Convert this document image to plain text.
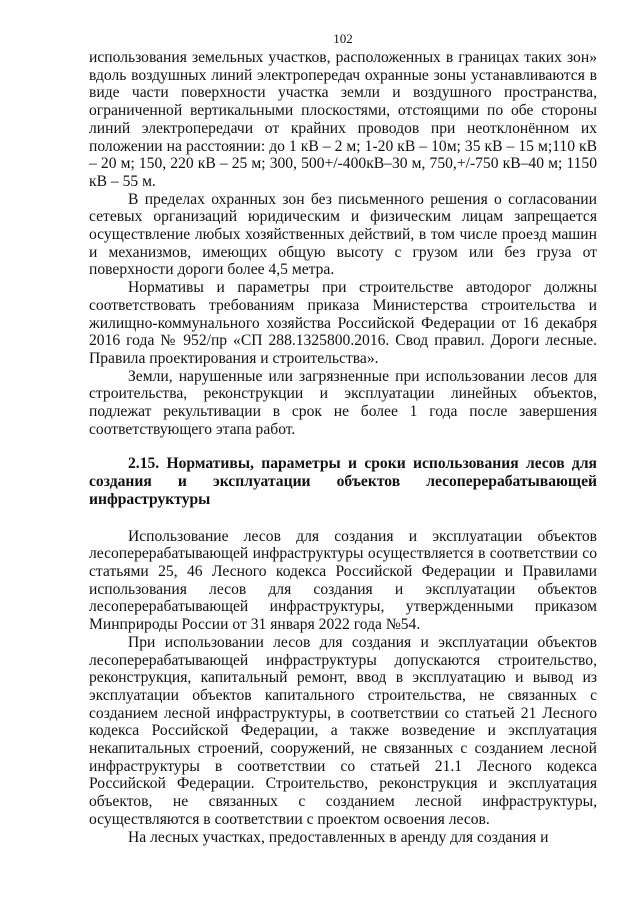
102

использования земельных участков, расположенных в границах таких зон» вдоль воздушных линий электропередач охранные зоны устанавливаются в виде части поверхности участка земли и воздушного пространства, ограниченной вертикальными плоскостями, отстоящими по обе стороны линий электропередачи от крайних проводов при неотклонённом их положении на расстоянии: до 1 кВ – 2 м; 1-20 кВ – 10м; 35 кВ – 15 м;110 кВ – 20 м; 150, 220 кВ – 25 м; 300, 500+/-400кВ–30 м, 750,+/-750 кВ–40 м; 1150 кВ – 55 м.

В пределах охранных зон без письменного решения о согласовании сетевых организаций юридическим и физическим лицам запрещается осуществление любых хозяйственных действий, в том числе проезд машин и механизмов, имеющих общую высоту с грузом или без груза от поверхности дороги более 4,5 метра.

Нормативы и параметры при строительстве автодорог должны соответствовать требованиям приказа Министерства строительства и жилищно-коммунального хозяйства Российской Федерации от 16 декабря 2016 года № 952/пр «СП 288.1325800.2016. Свод правил. Дороги лесные. Правила проектирования и строительства».

Земли, нарушенные или загрязненные при использовании лесов для строительства, реконструкции и эксплуатации линейных объектов, подлежат рекультивации в срок не более 1 года после завершения соответствующего этапа работ.

2.15. Нормативы, параметры и сроки использования лесов для создания и эксплуатации объектов лесоперерабатывающей инфраструктуры

Использование лесов для создания и эксплуатации объектов лесоперерабатывающей инфраструктуры осуществляется в соответствии со статьями 25, 46 Лесного кодекса Российской Федерации и Правилами использования лесов для создания и эксплуатации объектов лесоперерабатывающей инфраструктуры, утвержденными приказом Минприроды России от 31 января 2022 года №54.

При использовании лесов для создания и эксплуатации объектов лесоперерабатывающей инфраструктуры допускаются строительство, реконструкция, капитальный ремонт, ввод в эксплуатацию и вывод из эксплуатации объектов капитального строительства, не связанных с созданием лесной инфраструктуры, в соответствии со статьей 21 Лесного кодекса Российской Федерации, а также возведение и эксплуатация некапитальных строений, сооружений, не связанных с созданием лесной инфраструктуры в соответствии со статьей 21.1 Лесного кодекса Российской Федерации. Строительство, реконструкция и эксплуатация объектов, не связанных с созданием лесной инфраструктуры, осуществляются в соответствии с проектом освоения лесов.

На лесных участках, предоставленных в аренду для создания и
